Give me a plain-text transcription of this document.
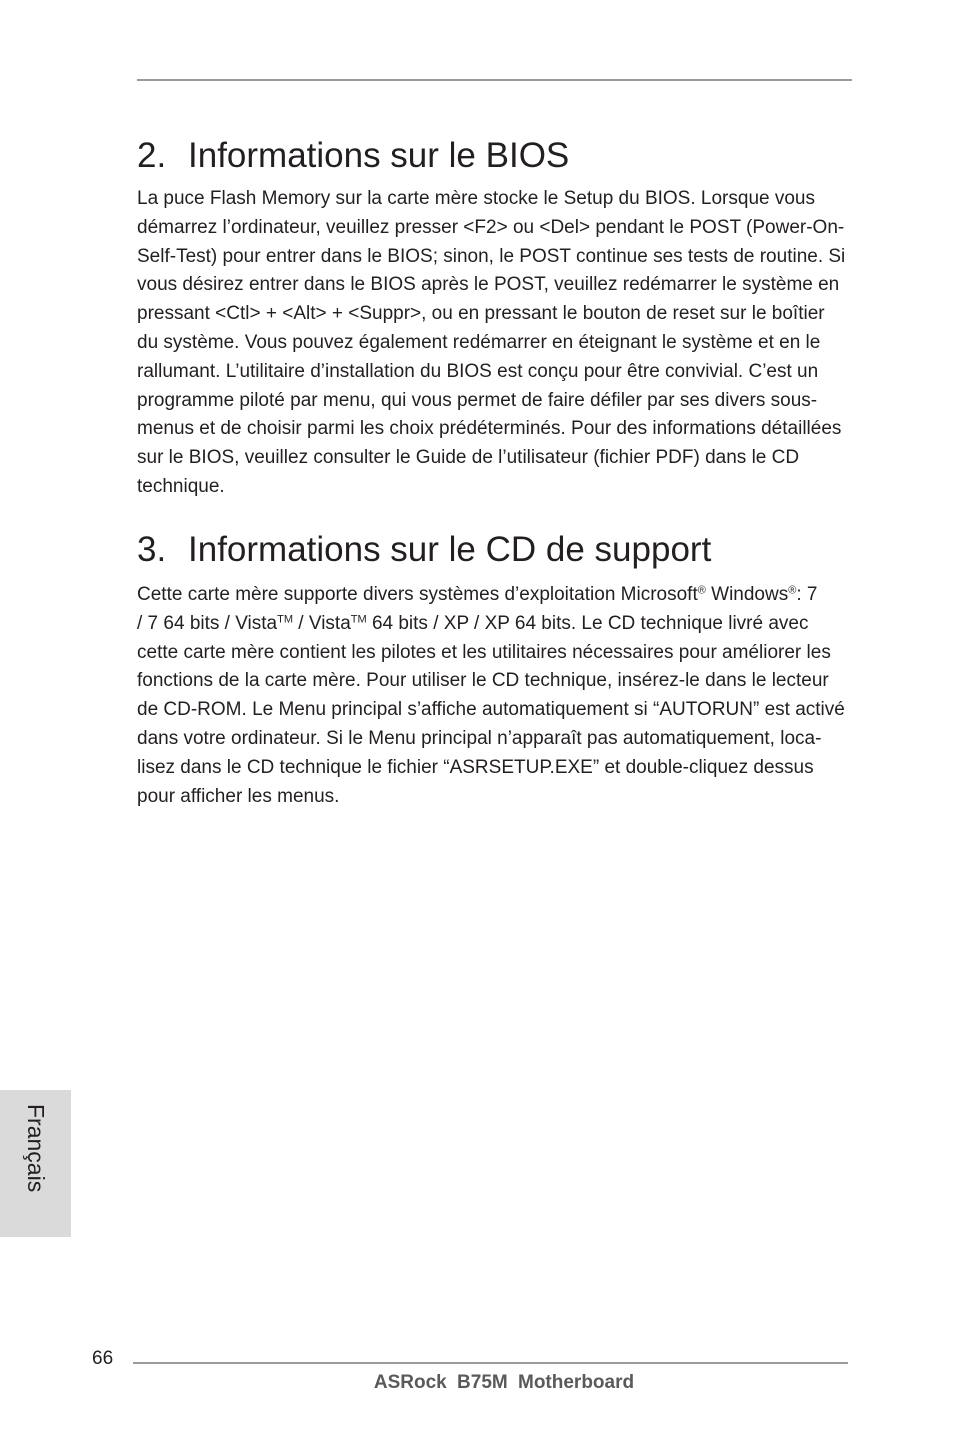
2. Informations sur le BIOS
La puce Flash Memory sur la carte mère stocke le Setup du BIOS. Lorsque vous
démarrez l’ordinateur, veuillez presser <F2> ou <Del> pendant le POST (Power-On-
Self-Test) pour entrer dans le BIOS; sinon, le POST continue ses tests de routine. Si
vous désirez entrer dans le BIOS après le POST, veuillez redémarrer le système en
pressant <Ctl> + <Alt> + <Suppr>, ou en pressant le bouton de reset sur le boîtier
du système. Vous pouvez également redémarrer en éteignant le système et en le
rallumant. L’utilitaire d’installation du BIOS est conçu pour être convivial. C’est un
programme piloté par menu, qui vous permet de faire défiler par ses divers sous-
menus et de choisir parmi les choix prédéterminés. Pour des informations détaillées
sur le BIOS, veuillez consulter le Guide de l’utilisateur (fichier PDF) dans le CD
technique.
3. Informations sur le CD de support
Cette carte mère supporte divers systèmes d’exploitation Microsoft® Windows®: 7
/ 7 64 bits / Vista™ / Vista™ 64 bits / XP / XP 64 bits. Le CD technique livré avec
cette carte mère contient les pilotes et les utilitaires nécessaires pour améliorer les
fonctions de la carte mère. Pour utiliser le CD technique, insérez-le dans le lecteur
de CD-ROM. Le Menu principal s’affiche automatiquement si “AUTORUN” est activé
dans votre ordinateur. Si le Menu principal n’apparaît pas automatiquement, loca-
lisez dans le CD technique le fichier “ASRSETUP.EXE” et double-cliquez dessus
pour afficher les menus.
Français
66
ASRock B75M Motherboard
